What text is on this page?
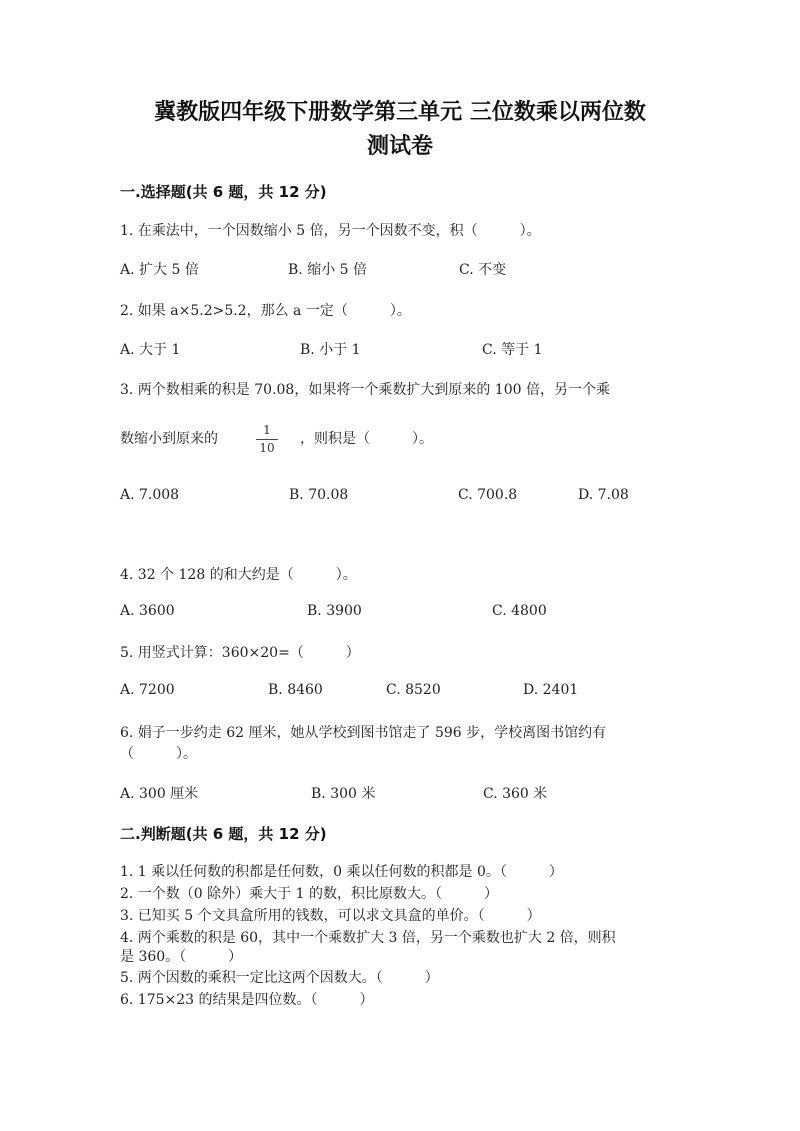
冀教版四年级下册数学第三单元 三位数乘以两位数
测试卷
一.选择题(共 6 题，共 12 分)
1. 在乘法中，一个因数缩小 5 倍，另一个因数不变，积（　　　）。
A. 扩大 5 倍	B. 缩小 5 倍	C. 不变
2. 如果 a×5.2>5.2，那么 a 一定（　　　）。
A. 大于 1	B. 小于 1	C. 等于 1
3. 两个数相乘的积是 70.08，如果将一个乘数扩大到原来的 100 倍，另一个乘
数缩小到原来的
1
10
，则积是（　　　）。
A. 7.008	B. 70.08	C. 700.8	D. 7.08
4. 32 个 128 的和大约是（　　　）。
A. 3600	B. 3900	C. 4800
5. 用竖式计算：360×20=（　　　）
A. 7200	B. 8460	C. 8520	D. 2401
6. 娟子一步约走 62 厘米，她从学校到图书馆走了 596 步，学校离图书馆约有
（　　　）。
A. 300 厘米	B. 300 米	C. 360 米
二.判断题(共 6 题，共 12 分)
1. 1 乘以任何数的积都是任何数，0 乘以任何数的积都是 0。（　　　）
2. 一个数（0 除外）乘大于 1 的数，积比原数大。（　　　）
3. 已知买 5 个文具盒所用的钱数，可以求文具盒的单价。（　　　）
4. 两个乘数的积是 60，其中一个乘数扩大 3 倍，另一个乘数也扩大 2 倍，则积
是 360。（　　　）
5. 两个因数的乘积一定比这两个因数大。（　　　）
6. 175×23 的结果是四位数。（　　　）
